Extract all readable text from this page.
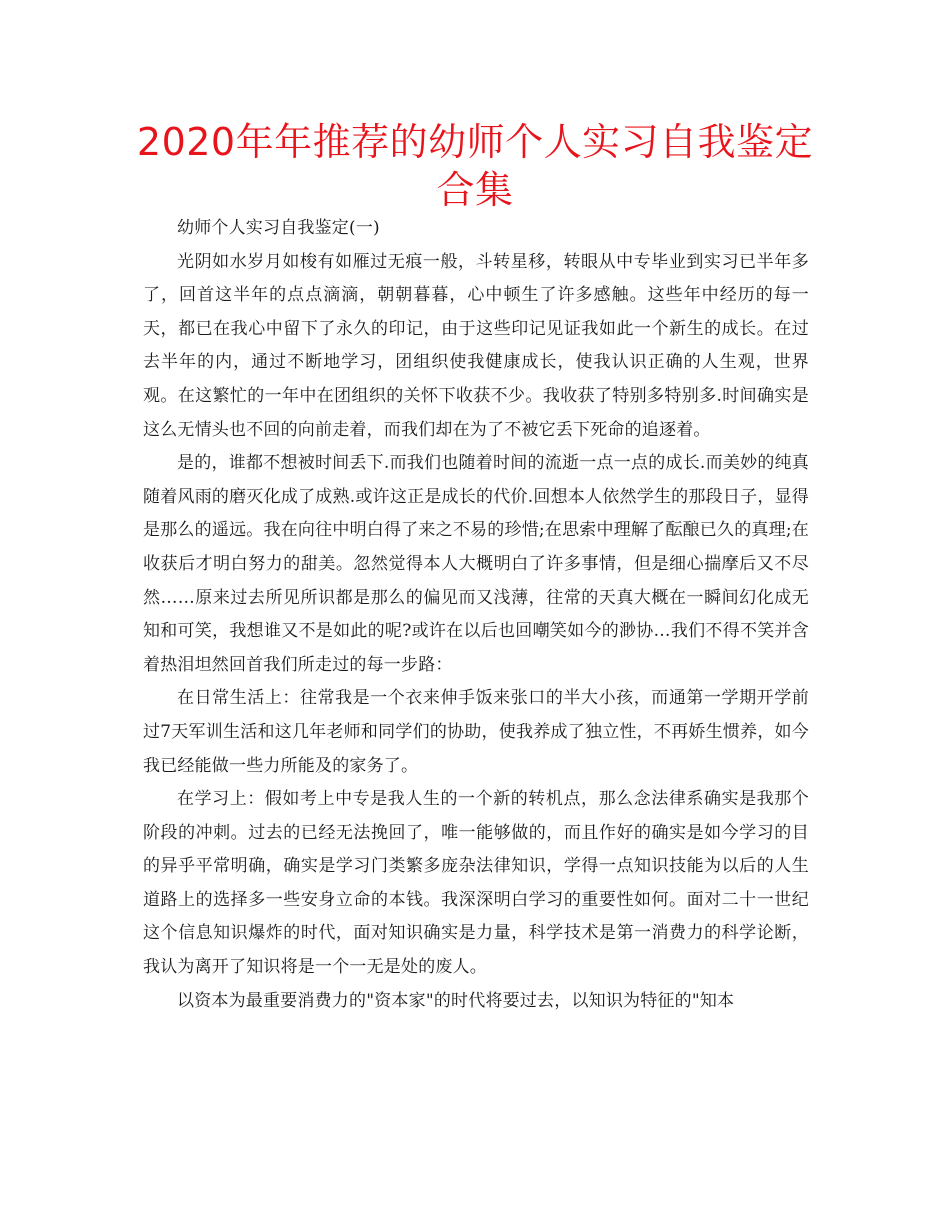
2020年年推荐的幼师个人实习自我鉴定合集

幼师个人实习自我鉴定(一)

光阴如水岁月如梭有如雁过无痕一般，斗转星移，转眼从中专毕业到实习已半年多了，回首这半年的点点滴滴，朝朝暮暮，心中顿生了许多感触。这些年中经历的每一天，都已在我心中留下了永久的印记，由于这些印记见证我如此一个新生的成长。在过去半年的内，通过不断地学习，团组织使我健康成长，使我认识正确的人生观，世界观。在这繁忙的一年中在团组织的关怀下收获不少。我收获了特别多特别多.时间确实是这么无情头也不回的向前走着，而我们却在为了不被它丢下死命的追逐着。

是的，谁都不想被时间丢下.而我们也随着时间的流逝一点一点的成长.而美妙的纯真随着风雨的磨灭化成了成熟.或许这正是成长的代价.回想本人依然学生的那段日子，显得是那么的遥远。我在向往中明白得了来之不易的珍惜;在思索中理解了酝酿已久的真理;在收获后才明白努力的甜美。忽然觉得本人大概明白了许多事情，但是细心揣摩后又不尽然……原来过去所见所识都是那么的偏见而又浅薄，往常的天真大概在一瞬间幻化成无知和可笑，我想谁又不是如此的呢?或许在以后也回嘲笑如今的渺协…我们不得不笑并含着热泪坦然回首我们所走过的每一步路：

在日常生活上：往常我是一个衣来伸手饭来张口的半大小孩，而通第一学期开学前过7天军训生活和这几年老师和同学们的协助，使我养成了独立性，不再娇生惯养，如今我已经能做一些力所能及的家务了。

在学习上：假如考上中专是我人生的一个新的转机点，那么念法律系确实是我那个阶段的冲刺。过去的已经无法挽回了，唯一能够做的，而且作好的确实是如今学习的目的异乎平常明确，确实是学习门类繁多庞杂法律知识，学得一点知识技能为以后的人生道路上的选择多一些安身立命的本钱。我深深明白学习的重要性如何。面对二十一世纪这个信息知识爆炸的时代，面对知识确实是力量，科学技术是第一消费力的科学论断，我认为离开了知识将是一个一无是处的废人。

以资本为最重要消费力的"资本家"的时代将要过去，以知识为特征的"知本
